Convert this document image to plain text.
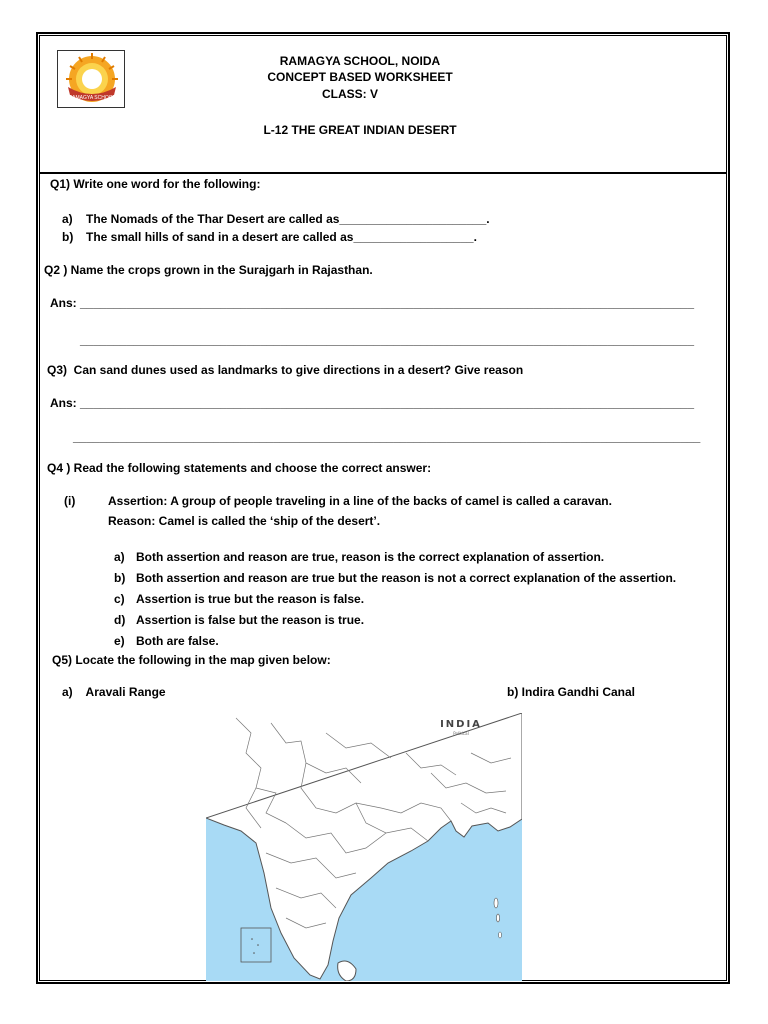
RAMAGYA SCHOOL
RAMAGYA SCHOOL, NOIDA
CONCEPT BASED WORKSHEET
CLASS: V
L-12 THE GREAT INDIAN DESERT
Q1) Write one word for the following:
a) The Nomads of the Thar Desert are called as______________________.
b) The small hills of sand in a desert are called as__________________.
Q2 ) Name the crops grown in the Surajgarh in Rajasthan.
Ans: ____________________________________________________________________________________________
____________________________________________________________________________________________
Q3)  Can sand dunes used as landmarks to give directions in a desert? Give reason
Ans: ____________________________________________________________________________________________
______________________________________________________________________________________________
Q4 ) Read the following statements and choose the correct answer:
(i)	Assertion: A group of people traveling in a line of the backs of camel is called a caravan.
Reason: Camel is called the ‘ship of the desert’.
a) Both assertion and reason are true, reason is the correct explanation of assertion.
b) Both assertion and reason are true but the reason is not a correct explanation of the assertion.
c) Assertion is true but the reason is false.
d) Assertion is false but the reason is true.
e) Both are false.
Q5) Locate the following in the map given below:
a)    Aravali Range	b) Indira Gandhi Canal
INDIA
Political
